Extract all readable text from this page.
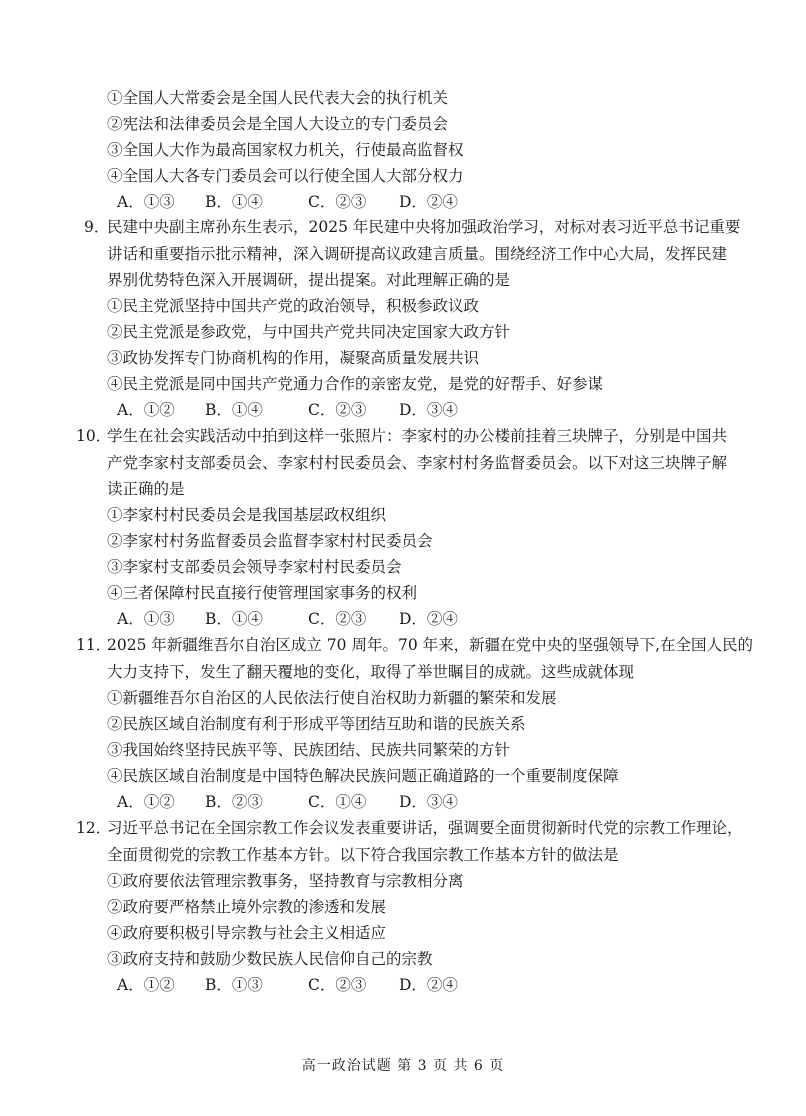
①全国人大常委会是全国人民代表大会的执行机关
②宪法和法律委员会是全国人大设立的专门委员会
③全国人大作为最高国家权力机关，行使最高监督权
④全国人大各专门委员会可以行使全国人大部分权力
A．①③ B．①④	C．②③ D．②④
9．
民建中央副主席孙东生表示，2025 年民建中央将加强政治学习，对标对表习近平总书记重要
讲话和重要指示批示精神，深入调研提高议政建言质量。围绕经济工作中心大局，发挥民建
界别优势特色深入开展调研，提出提案。对此理解正确的是
①民主党派坚持中国共产党的政治领导，积极参政议政
②民主党派是参政党，与中国共产党共同决定国家大政方针
③政协发挥专门协商机构的作用，凝聚高质量发展共识
④民主党派是同中国共产党通力合作的亲密友党，是党的好帮手、好参谋
A．①② B．①④	C．②③ D．③④
10．
学生在社会实践活动中拍到这样一张照片：李家村的办公楼前挂着三块牌子，分别是中国共
产党李家村支部委员会、李家村村民委员会、李家村村务监督委员会。以下对这三块牌子解
读正确的是
①李家村村民委员会是我国基层政权组织
②李家村村务监督委员会监督李家村村民委员会
③李家村支部委员会领导李家村村民委员会
④三者保障村民直接行使管理国家事务的权利
A．①③ B．①④	C．②③ D．②④
11．
2025 年新疆维吾尔自治区成立 70 周年。70 年来，新疆在党中央的坚强领导下,在全国人民的
大力支持下，发生了翻天覆地的变化，取得了举世瞩目的成就。这些成就体现
①新疆维吾尔自治区的人民依法行使自治权助力新疆的繁荣和发展
②民族区域自治制度有利于形成平等团结互助和谐的民族关系
③我国始终坚持民族平等、民族团结、民族共同繁荣的方针
④民族区域自治制度是中国特色解决民族问题正确道路的一个重要制度保障
A．①② B．②③	C．①④ D．③④
12．
习近平总书记在全国宗教工作会议发表重要讲话，强调要全面贯彻新时代党的宗教工作理论，
全面贯彻党的宗教工作基本方针。以下符合我国宗教工作基本方针的做法是
①政府要依法管理宗教事务，坚持教育与宗教相分离
②政府要严格禁止境外宗教的渗透和发展
④政府要积极引导宗教与社会主义相适应
③政府支持和鼓励少数民族人民信仰自己的宗教
A．①② B．①③	C．②③ D．②④
高一政治试题 第 3 页 共 6 页
